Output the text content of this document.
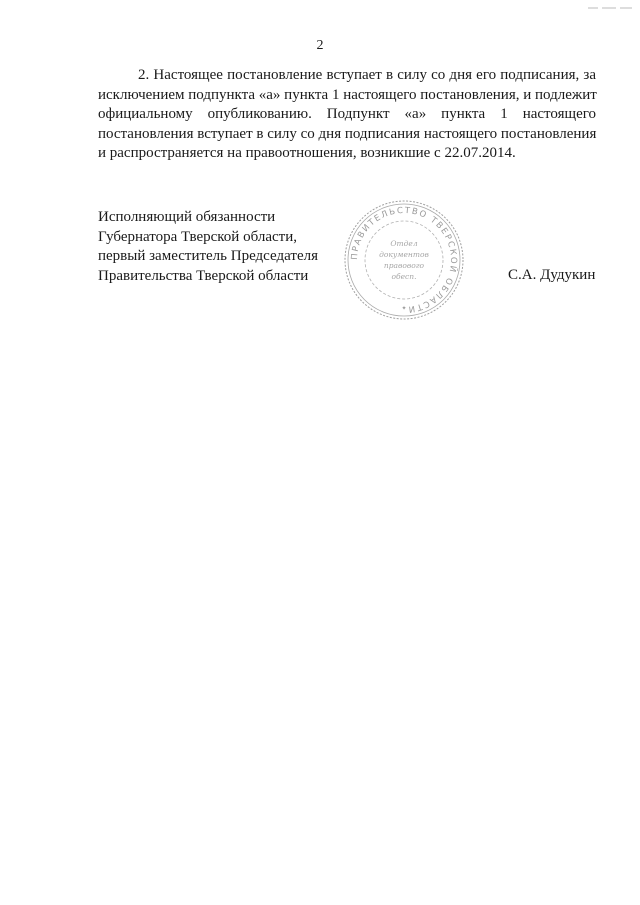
2
2. Настоящее постановление вступает в силу со дня его подписания, за
исключением подпункта «а» пункта 1 настоящего постановления, и подлежит
официальному опубликованию. Подпункт «а» пункта 1 настоящего
постановления вступает в силу со дня подписания настоящего постановления
и распространяется на правоотношения, возникшие с 22.07.2014.
Исполняющий обязанности
Губернатора Тверской области,
первый заместитель Председателя
Правительства Тверской области
ПРАВИТЕЛЬСТВО ТВЕРСКОЙ ОБЛАСТИ
Отдел
документов
правового
обесп.
✦
С.А. Дудукин
